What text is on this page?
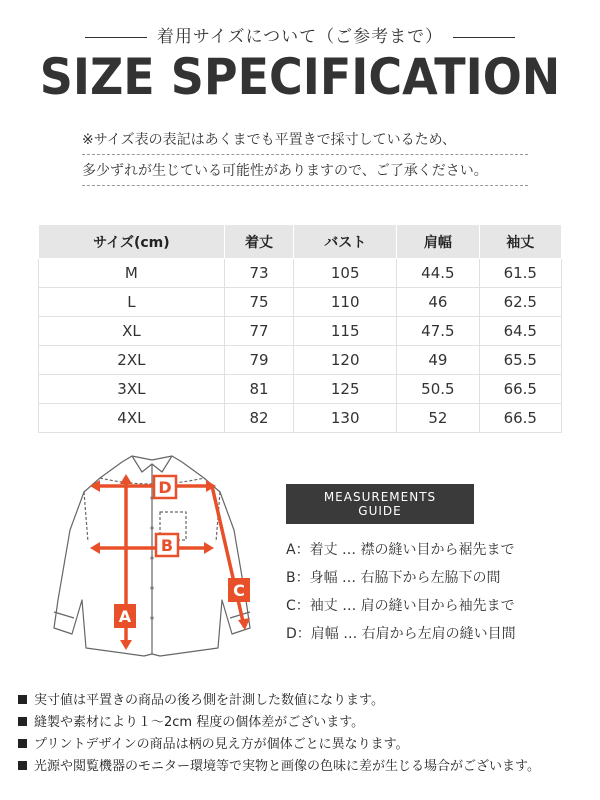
着用サイズについて（ご参考まで）
SIZE SPECIFICATION
※サイズ表の表記はあくまでも平置きで採寸しているため、
多少ずれが生じている可能性がありますので、ご了承ください。
サイズ(cm)	着丈	バスト	肩幅	袖丈
M	73	105	44.5	61.5
L	75	110	46	62.5
XL	77	115	47.5	64.5
2XL	79	120	49	65.5
3XL	81	125	50.5	66.5
4XL	82	130	52	66.5
D
B
A
C
MEASUREMENTS GUIDE
A：着丈 … 襟の縫い目から裾先まで
B：身幅 … 右脇下から左脇下の間
C：袖丈 … 肩の縫い目から袖先まで
D：肩幅 … 右肩から左肩の縫い目間
実寸値は平置きの商品の後ろ側を計測した数値になります。
縫製や素材により１～2cm 程度の個体差がございます。
プリントデザインの商品は柄の見え方が個体ごとに異なります。
光源や閲覧機器のモニター環境等で実物と画像の色味に差が生じる場合がございます。
